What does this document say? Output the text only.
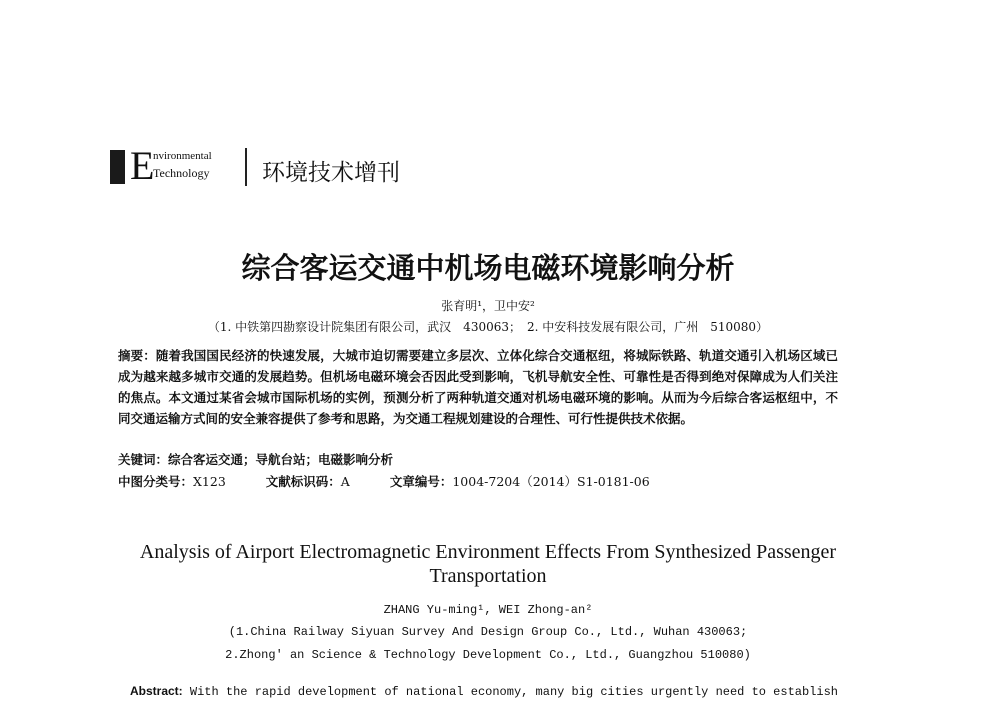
E
nvironmental
Technology 环境技术增刊
综合客运交通中机场电磁环境影响分析
张育明¹，卫中安²
（1. 中铁第四勘察设计院集团有限公司，武汉　430063；　2. 中安科技发展有限公司，广州　510080）
摘要：随着我国国民经济的快速发展，大城市迫切需要建立多层次、立体化综合交通枢纽，将城际铁路、轨道交通引入机场区域已成为越来越多城市交通的发展趋势。但机场电磁环境会否因此受到影响，飞机导航安全性、可靠性是否得到绝对保障成为人们关注的焦点。本文通过某省会城市国际机场的实例，预测分析了两种轨道交通对机场电磁环境的影响。从而为今后综合客运枢纽中，不同交通运输方式间的安全兼容提供了参考和思路，为交通工程规划建设的合理性、可行性提供技术依据。
关键词：综合客运交通；导航台站；电磁影响分析
中图分类号：X123	文献标识码：A	文章编号：1004-7204（2014）S1-0181-06
Analysis of Airport Electromagnetic Environment Effects From Synthesized Passenger
Transportation
ZHANG Yu-ming¹, WEI Zhong-an²
(1.China Railway Siyuan Survey And Design Group Co., Ltd., Wuhan 430063;
2.Zhong' an Science & Technology Development Co., Ltd., Guangzhou 510080)
Abstract: With the rapid development of national economy, many big cities urgently need to establish
